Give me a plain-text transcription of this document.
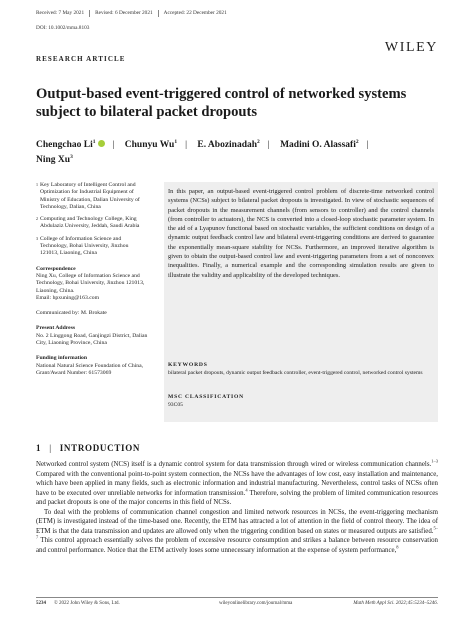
Received: 7 May 2021	Revised: 6 December 2021	Accepted: 22 December 2021
DOI: 10.1002/mma.8103
WILEY
RESEARCH ARTICLE
Output-based event-triggered control of networked systems subject to bilateral packet dropouts
Chengchao Li$^1$ | Chunyu Wu$^1$ | E. Abozinadah$^2$ | Madini O. Alassafi$^2$ |
Ning Xu$^3$
1 Key Laboratory of Intelligent Control and Optimization for Industrial Equipment of Ministry of Education, Dalian University of Technology, Dalian, China
2 Computing and Technology College, King Abdulaziz University, Jeddah, Saudi Arabia
3 College of Information Science and Technology, Bohai University, Jinzhou 121013, Liaoning, China
Correspondence
Ning Xu, College of Information Science and Technology, Bohai University, Jinzhou 121013, Liaoning, China.
Email: hpxuning@163.com
Communicated by: M. Brokate
Present Address
No. 2 Linggong Road, Ganjingzi District, Dalian City, Liaoning Province, China
Funding information
National Natural Science Foundation of China, Grant/Award Number: 61573069
In this paper, an output-based event-triggered control problem of discrete-time networked control systems (NCSs) subject to bilateral packet dropouts is investigated. In view of stochastic sequences of packet dropouts in the measurement channels (from sensors to controller) and the control channels (from controller to actuators), the NCS is converted into a closed-loop stochastic parameter system. In the aid of a Lyapunov functional based on stochastic variables, the sufficient conditions on design of a dynamic output feedback control law and bilateral event-triggering conditions are derived to guarantee the exponentially mean-square stability for NCSs. Furthermore, an improved iterative algorithm is given to obtain the output-based control law and event-triggering parameters from a set of nonconvex inequalities. Finally, a numerical example and the corresponding simulation results are given to illustrate the validity and applicability of the developed techniques.
KEYWORDS
bilateral packet dropouts, dynamic output feedback controller, event-triggered control, networked control systems
MSC CLASSIFICATION
93C05
1 | INTRODUCTION

Networked control system (NCS) itself is a dynamic control system for data transmission through wired or wireless communication channels.$^{1-3}$ Compared with the conventional point-to-point system connection, the NCSs have the advantages of low cost, easy installation and maintenance, which have been applied in many fields, such as electronic information and industrial manufacturing. Nevertheless, control tasks of NCSs often have to be executed over unreliable networks for information transmission.$^4$ Therefore, solving the problem of limited communication resources and packet dropouts is one of the major concerns in this field of NCSs.

To deal with the problems of communication channel congestion and limited network resources in NCSs, the event-triggering mechanism (ETM) is investigated instead of the time-based one. Recently, the ETM has attracted a lot of attention in the field of control theory. The idea of ETM is that the data transmission and updates are allowed only when the triggering condition based on states or measured outputs are satisfied.$^{5-7}$ This control approach essentially solves the problem of excessive resource consumption and strikes a balance between resource conservation and control performance. Notice that the ETM actively loses some unnecessary information at the expense of system performance,$^8$

5234 © 2022 John Wiley & Sons, Ltd.	wileyonlinelibrary.com/journal/mma	Math Meth Appl Sci. 2022;45:5234–5246.
